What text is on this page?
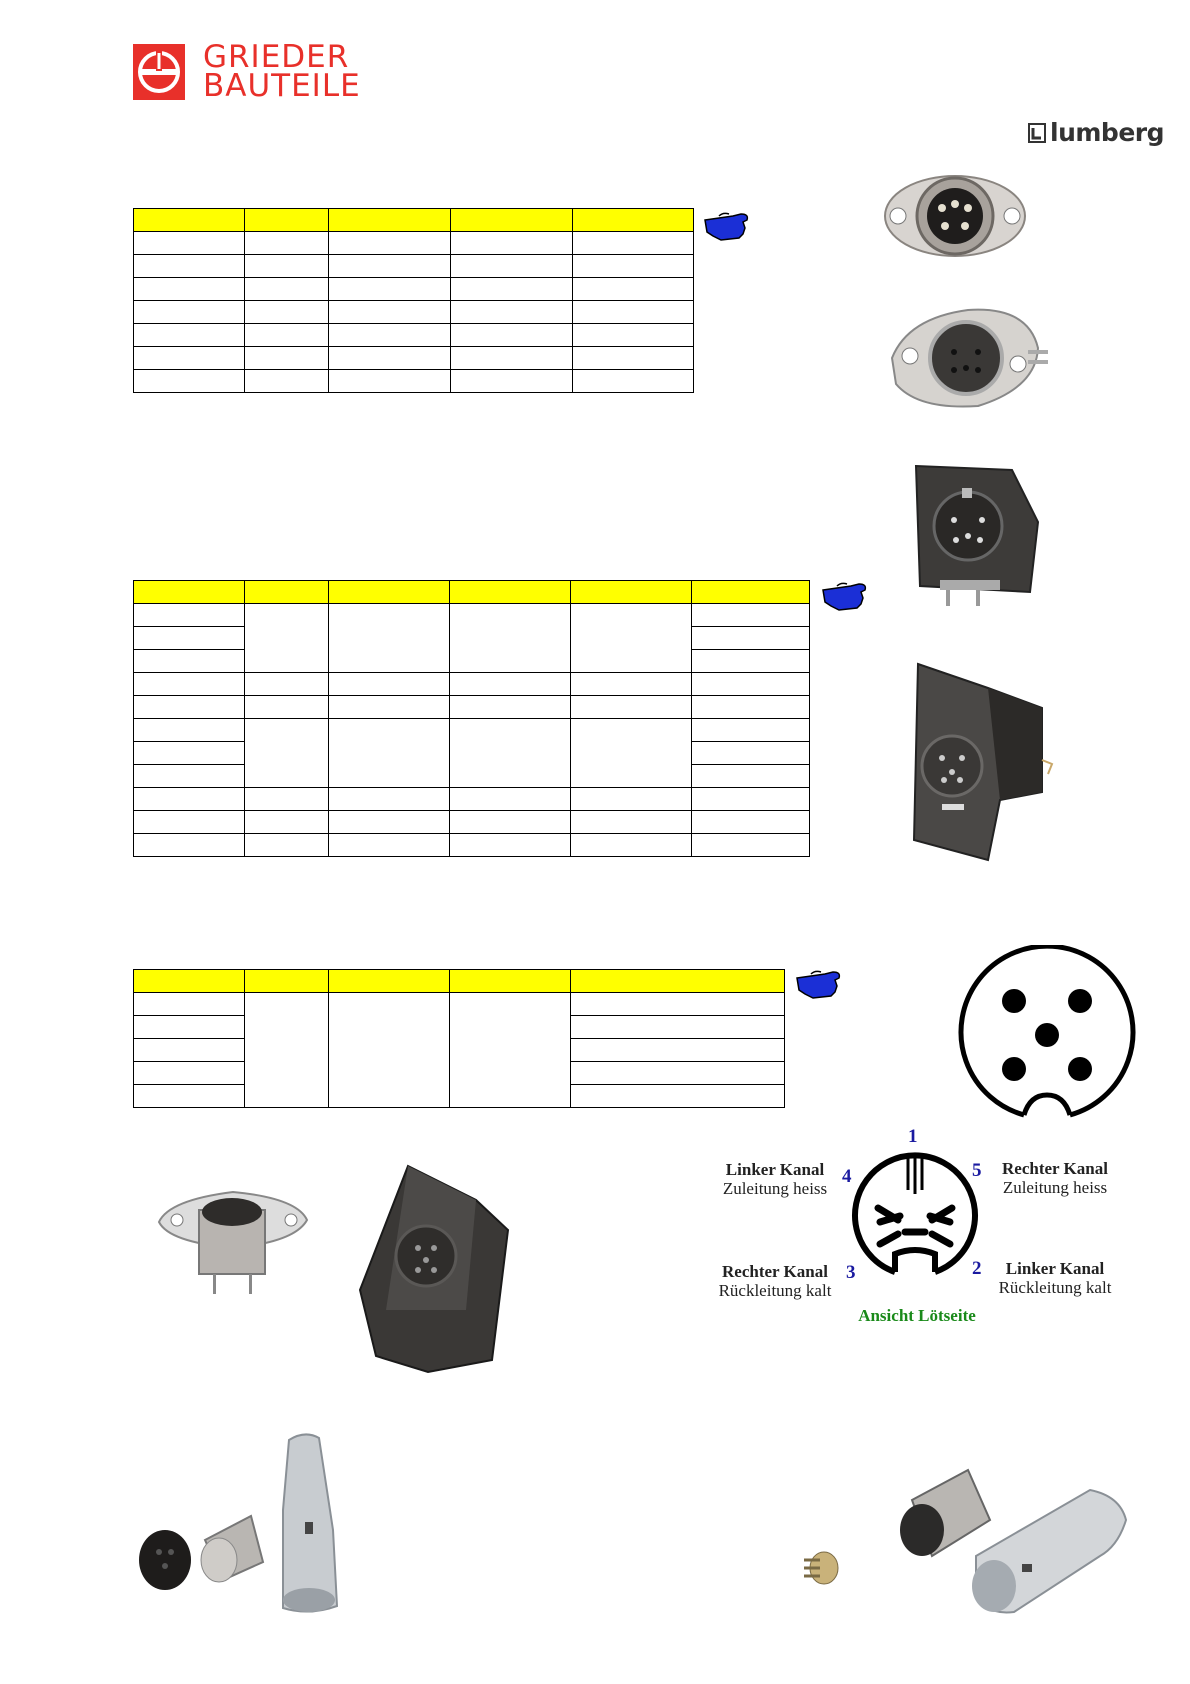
GRIEDER
BAUTEILE
lumberg

1
4	5
3	2
Linker Kanal
Zuleitung heiss
Rechter Kanal
Zuleitung heiss
Rechter Kanal
Rückleitung kalt
Linker Kanal
Rückleitung kalt
Ansicht Lötseite
